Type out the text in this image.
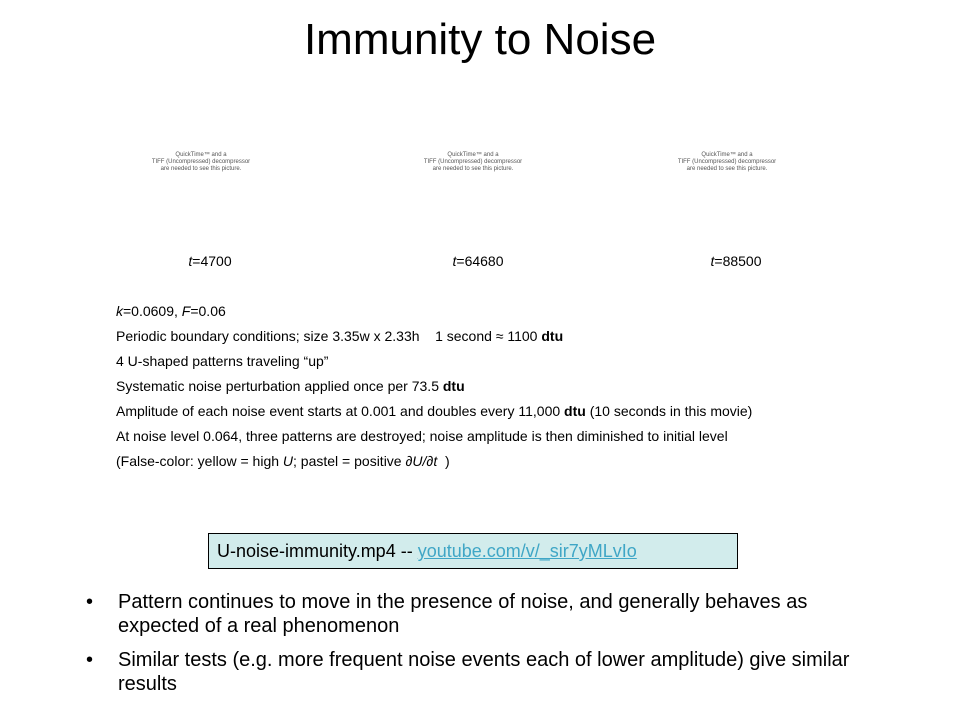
Immunity to Noise
QuickTime™ and a
TIFF (Uncompressed) decompressor
are needed to see this picture.
QuickTime™ and a
TIFF (Uncompressed) decompressor
are needed to see this picture.
QuickTime™ and a
TIFF (Uncompressed) decompressor
are needed to see this picture.
t=4700	t=64680	t=88500

k=0.0609, F=0.06

Periodic boundary conditions; size 3.35w x 2.33h    1 second ≈ 1100 dtu

4 U-shaped patterns traveling “up”

Systematic noise perturbation applied once per 73.5 dtu

Amplitude of each noise event starts at 0.001 and doubles every 11,000 dtu (10 seconds in this movie)

At noise level 0.064, three patterns are destroyed; noise amplitude is then diminished to initial level

(False-color: yellow = high U; pastel = positive ∂U/∂t  )

U-noise-immunity.mp4 -- youtube.com/v/_sir7yMLvIo
• Pattern continues to move in the presence of noise, and generally behaves as expected of a real phenomenon
• Similar tests (e.g. more frequent noise events each of lower amplitude) give similar results
